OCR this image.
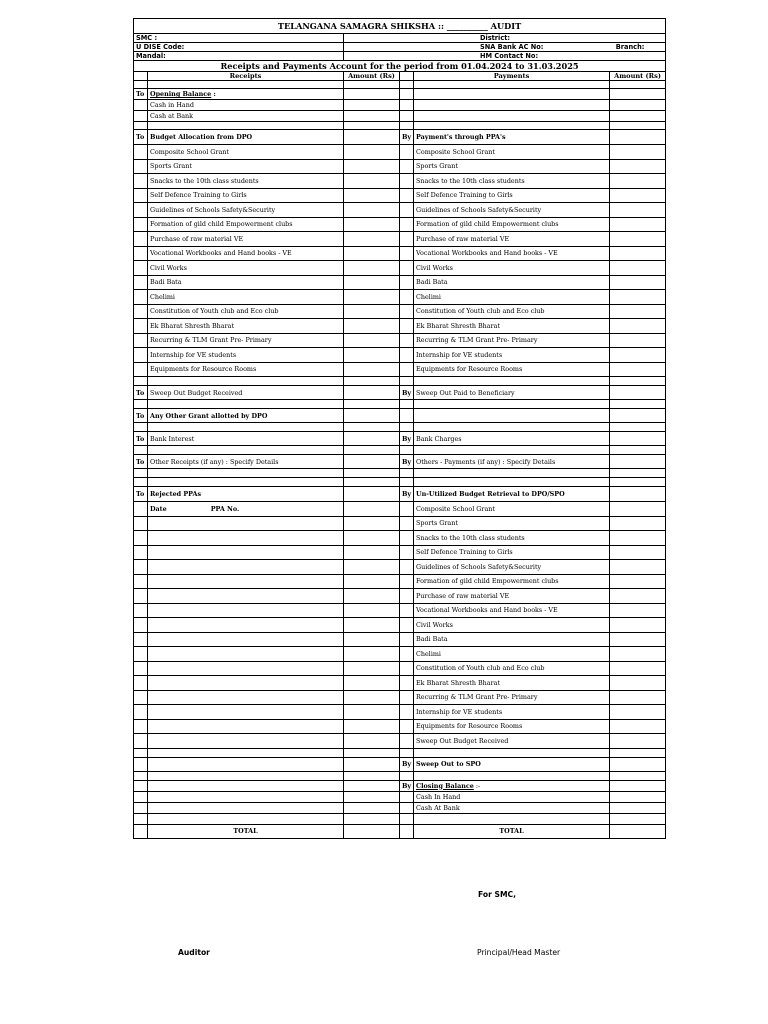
TELANGANA SAMAGRA SHIKSHA :: __________ AUDIT					
SMC :		District:			
U DISE Code:		SNA Bank AC No: Branch:			
Mandal:		HM Contact No:			
Receipts and Payments Account for the period from 01.04.2024 to 31.03.2025					
	Receipts	Amount (Rs)		Payments	Amount (Rs)

To	Opening Balance :				
	Cash in Hand				
	Cash at Bank				

To	Budget Allocation from DPO		By	Payment's through PPA's	
	Composite School Grant			Composite School Grant	
	Sports Grant			Sports Grant	
	Snacks to the 10th class students			Snacks to the 10th class students	
	Self Defence Training to Girls			Self Defence Training to Girls	
	Guidelines of Schools Safety&Security			Guidelines of Schools Safety&Security	
	Formation of gild child Empowerment clubs			Formation of gild child Empowerment clubs	
	Purchase of raw material VE			Purchase of raw material VE	
	Vocational Workbooks and Hand books - VE			Vocational Workbooks and Hand books - VE	
	Civil Works			Civil Works	
	Badi Bata			Badi Bata	
	Chelimi			Chelimi	
	Constitution of Youth club and Eco club			Constitution of Youth club and Eco club	
	Ek Bharat Shresth Bharat			Ek Bharat Shresth Bharat	
	Recurring & TLM Grant Pre- Primary			Recurring & TLM Grant Pre- Primary	
	Internship for VE students			Internship for VE students	
	Equipments for Resource Rooms			Equipments for Resource Rooms	

To	Sweep Out Budget Received		By	Sweep Out Paid to Beneficiary	

To	Any Other Grant allotted by DPO				

To	Bank Interest		By	Bank Charges	

To	Other Receipts (if any) : Specify Details		By	Others - Payments (if any) : Specify Details	

To	Rejected PPAs		By	Un-Utilized Budget Retrieval to DPO/SPO	
	Date PPA No.			Composite School Grant	
				Sports Grant	
				Snacks to the 10th class students	
				Self Defence Training to Girls	
				Guidelines of Schools Safety&Security	
				Formation of gild child Empowerment clubs	
				Purchase of raw material VE	
				Vocational Workbooks and Hand books - VE	
				Civil Works	
				Badi Bata	
				Chelimi	
				Constitution of Youth club and Eco club	
				Ek Bharat Shresth Bharat	
				Recurring & TLM Grant Pre- Primary	
				Internship for VE students	
				Equipments for Resource Rooms	
				Sweep Out Budget Received	

			By	Sweep Out to SPO	

			By	Closing Balance :-	
				Cash In Hand	
				Cash At Bank	

	TOTAL			TOTAL	
For SMC,
Auditor	Principal/Head Master
